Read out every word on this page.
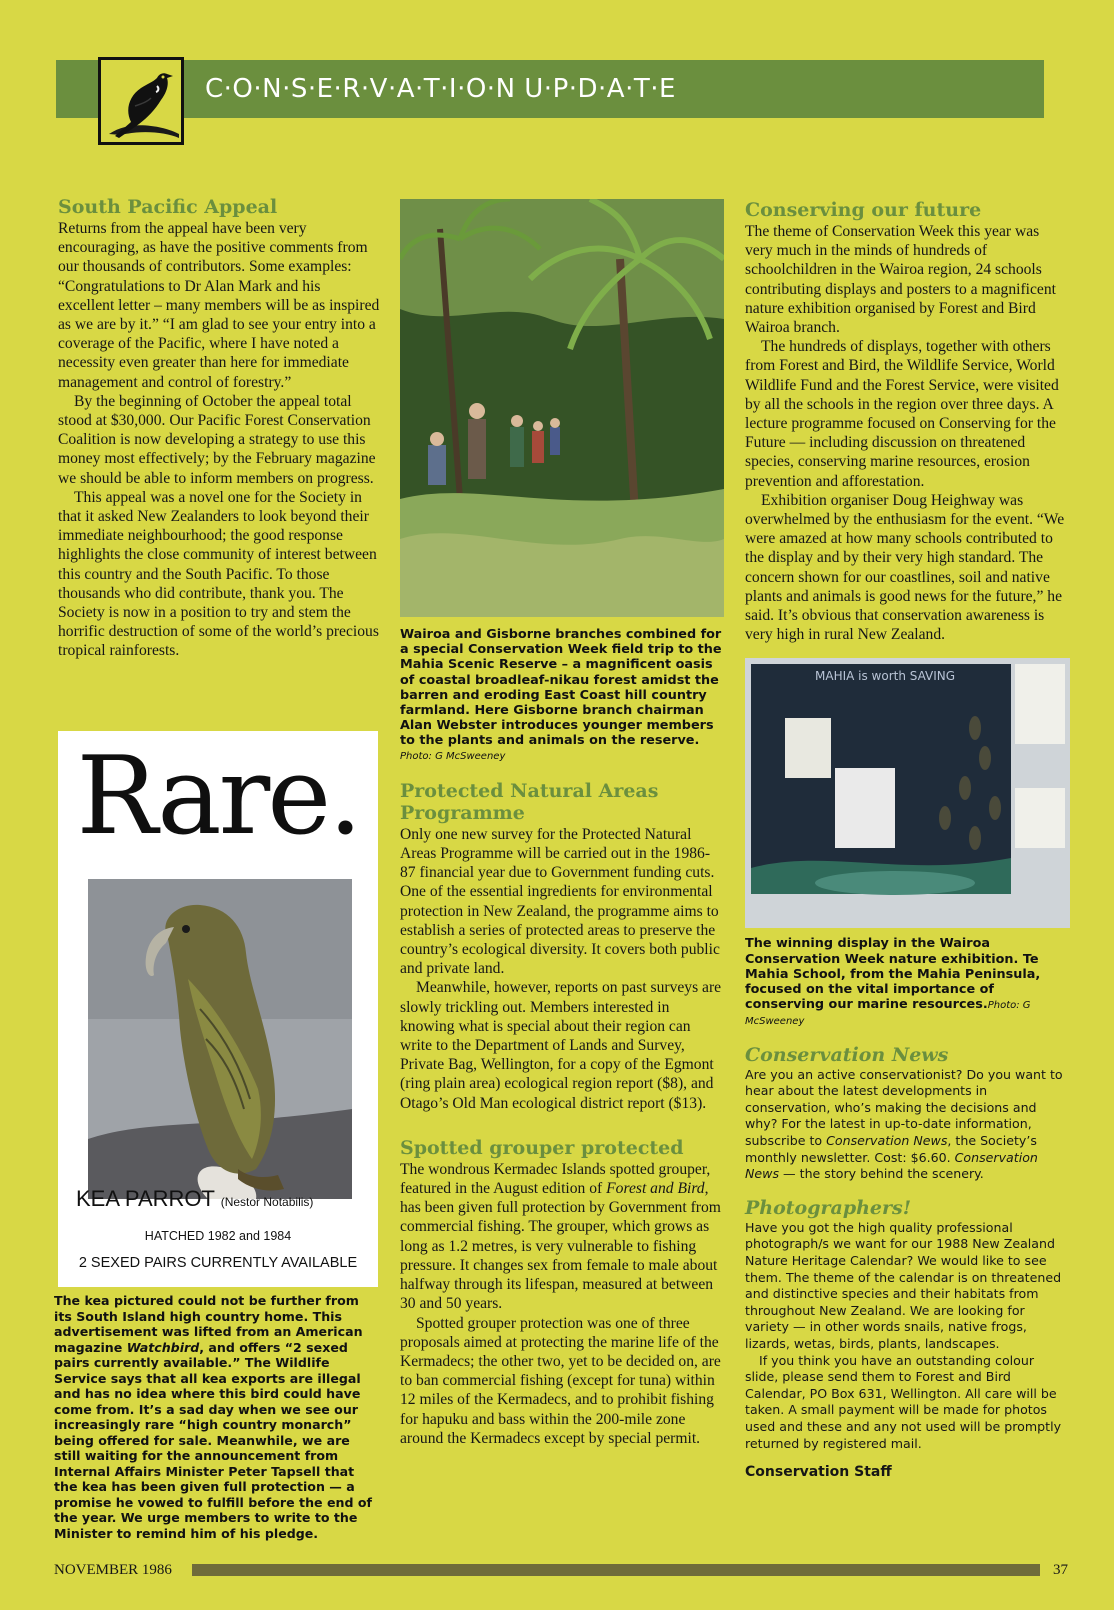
C·O·N·S·E·R·V·A·T·I·O·N U·P·D·A·T·E
South Pacific Appeal

Returns from the appeal have been very encouraging, as have the positive comments from our thousands of contributors. Some examples: “Congratulations to Dr Alan Mark and his excellent letter – many members will be as inspired as we are by it.” “I am glad to see your entry into a coverage of the Pacific, where I have noted a necessity even greater than here for immediate management and control of forestry.”

By the beginning of October the appeal total stood at $30,000. Our Pacific Forest Conservation Coalition is now developing a strategy to use this money most effectively; by the February magazine we should be able to inform members on progress.

This appeal was a novel one for the Society in that it asked New Zealanders to look beyond their immediate neighbourhood; the good response highlights the close community of interest between this country and the South Pacific. To those thousands who did contribute, thank you. The Society is now in a position to try and stem the horrific destruction of some of the world’s precious tropical rainforests.

Rare.
KEA PARROT (Nestor Notabilis)
HATCHED 1982 and 1984
2 SEXED PAIRS CURRENTLY AVAILABLE
The kea pictured could not be further from its South Island high country home. This advertisement was lifted from an American magazine Watchbird, and offers “2 sexed pairs currently available.” The Wildlife Service says that all kea exports are illegal and has no idea where this bird could have come from. It’s a sad day when we see our increasingly rare “high country monarch” being offered for sale. Meanwhile, we are still waiting for the announcement from Internal Affairs Minister Peter Tapsell that the kea has been given full protection — a promise he vowed to fulfill before the end of the year. We urge members to write to the Minister to remind him of his pledge.
Wairoa and Gisborne branches combined for a special Conservation Week field trip to the Mahia Scenic Reserve – a magnificent oasis of coastal broadleaf-nikau forest amidst the barren and eroding East Coast hill country farmland. Here Gisborne branch chairman Alan Webster introduces younger members to the plants and animals on the reserve.
Photo: G McSweeney
Protected Natural Areas Programme

Only one new survey for the Protected Natural Areas Programme will be carried out in the 1986-87 financial year due to Government funding cuts. One of the essential ingredients for environmental protection in New Zealand, the programme aims to establish a series of protected areas to preserve the country’s ecological diversity. It covers both public and private land.

Meanwhile, however, reports on past surveys are slowly trickling out. Members interested in knowing what is special about their region can write to the Department of Lands and Survey, Private Bag, Wellington, for a copy of the Egmont (ring plain area) ecological region report ($8), and Otago’s Old Man ecological district report ($13).

Spotted grouper protected

The wondrous Kermadec Islands spotted grouper, featured in the August edition of Forest and Bird, has been given full protection by Government from commercial fishing. The grouper, which grows as long as 1.2 metres, is very vulnerable to fishing pressure. It changes sex from female to male about halfway through its lifespan, measured at between 30 and 50 years.

Spotted grouper protection was one of three proposals aimed at protecting the marine life of the Kermadecs; the other two, yet to be decided on, are to ban commercial fishing (except for tuna) within 12 miles of the Kermadecs, and to prohibit fishing for hapuku and bass within the 200-mile zone around the Kermadecs except by special permit.

Conserving our future

The theme of Conservation Week this year was very much in the minds of hundreds of schoolchildren in the Wairoa region, 24 schools contributing displays and posters to a magnificent nature exhibition organised by Forest and Bird Wairoa branch.

The hundreds of displays, together with others from Forest and Bird, the Wildlife Service, World Wildlife Fund and the Forest Service, were visited by all the schools in the region over three days. A lecture programme focused on Conserving for the Future — including discussion on threatened species, conserving marine resources, erosion prevention and afforestation.

Exhibition organiser Doug Heighway was overwhelmed by the enthusiasm for the event. “We were amazed at how many schools contributed to the display and by their very high standard. The concern shown for our coastlines, soil and native plants and animals is good news for the future,” he said. It’s obvious that conservation awareness is very high in rural New Zealand.

MAHIA is worth SAVING
The winning display in the Wairoa Conservation Week nature exhibition. Te Mahia School, from the Mahia Peninsula, focused on the vital importance of conserving our marine resources.Photo: G McSweeney
Conservation News

Are you an active conservationist? Do you want to hear about the latest developments in conservation, who’s making the decisions and why? For the latest in up-to-date information, subscribe to Conservation News, the Society’s monthly newsletter. Cost: $6.60. Conservation News — the story behind the scenery.

Photographers!

Have you got the high quality professional photograph/s we want for our 1988 New Zealand Nature Heritage Calendar? We would like to see them. The theme of the calendar is on threatened and distinctive species and their habitats from throughout New Zealand. We are looking for variety — in other words snails, native frogs, lizards, wetas, birds, plants, landscapes.

If you think you have an outstanding colour slide, please send them to Forest and Bird Calendar, PO Box 631, Wellington. All care will be taken. A small payment will be made for photos used and these and any not used will be promptly returned by registered mail.

Conservation Staff
NOVEMBER 1986	37
